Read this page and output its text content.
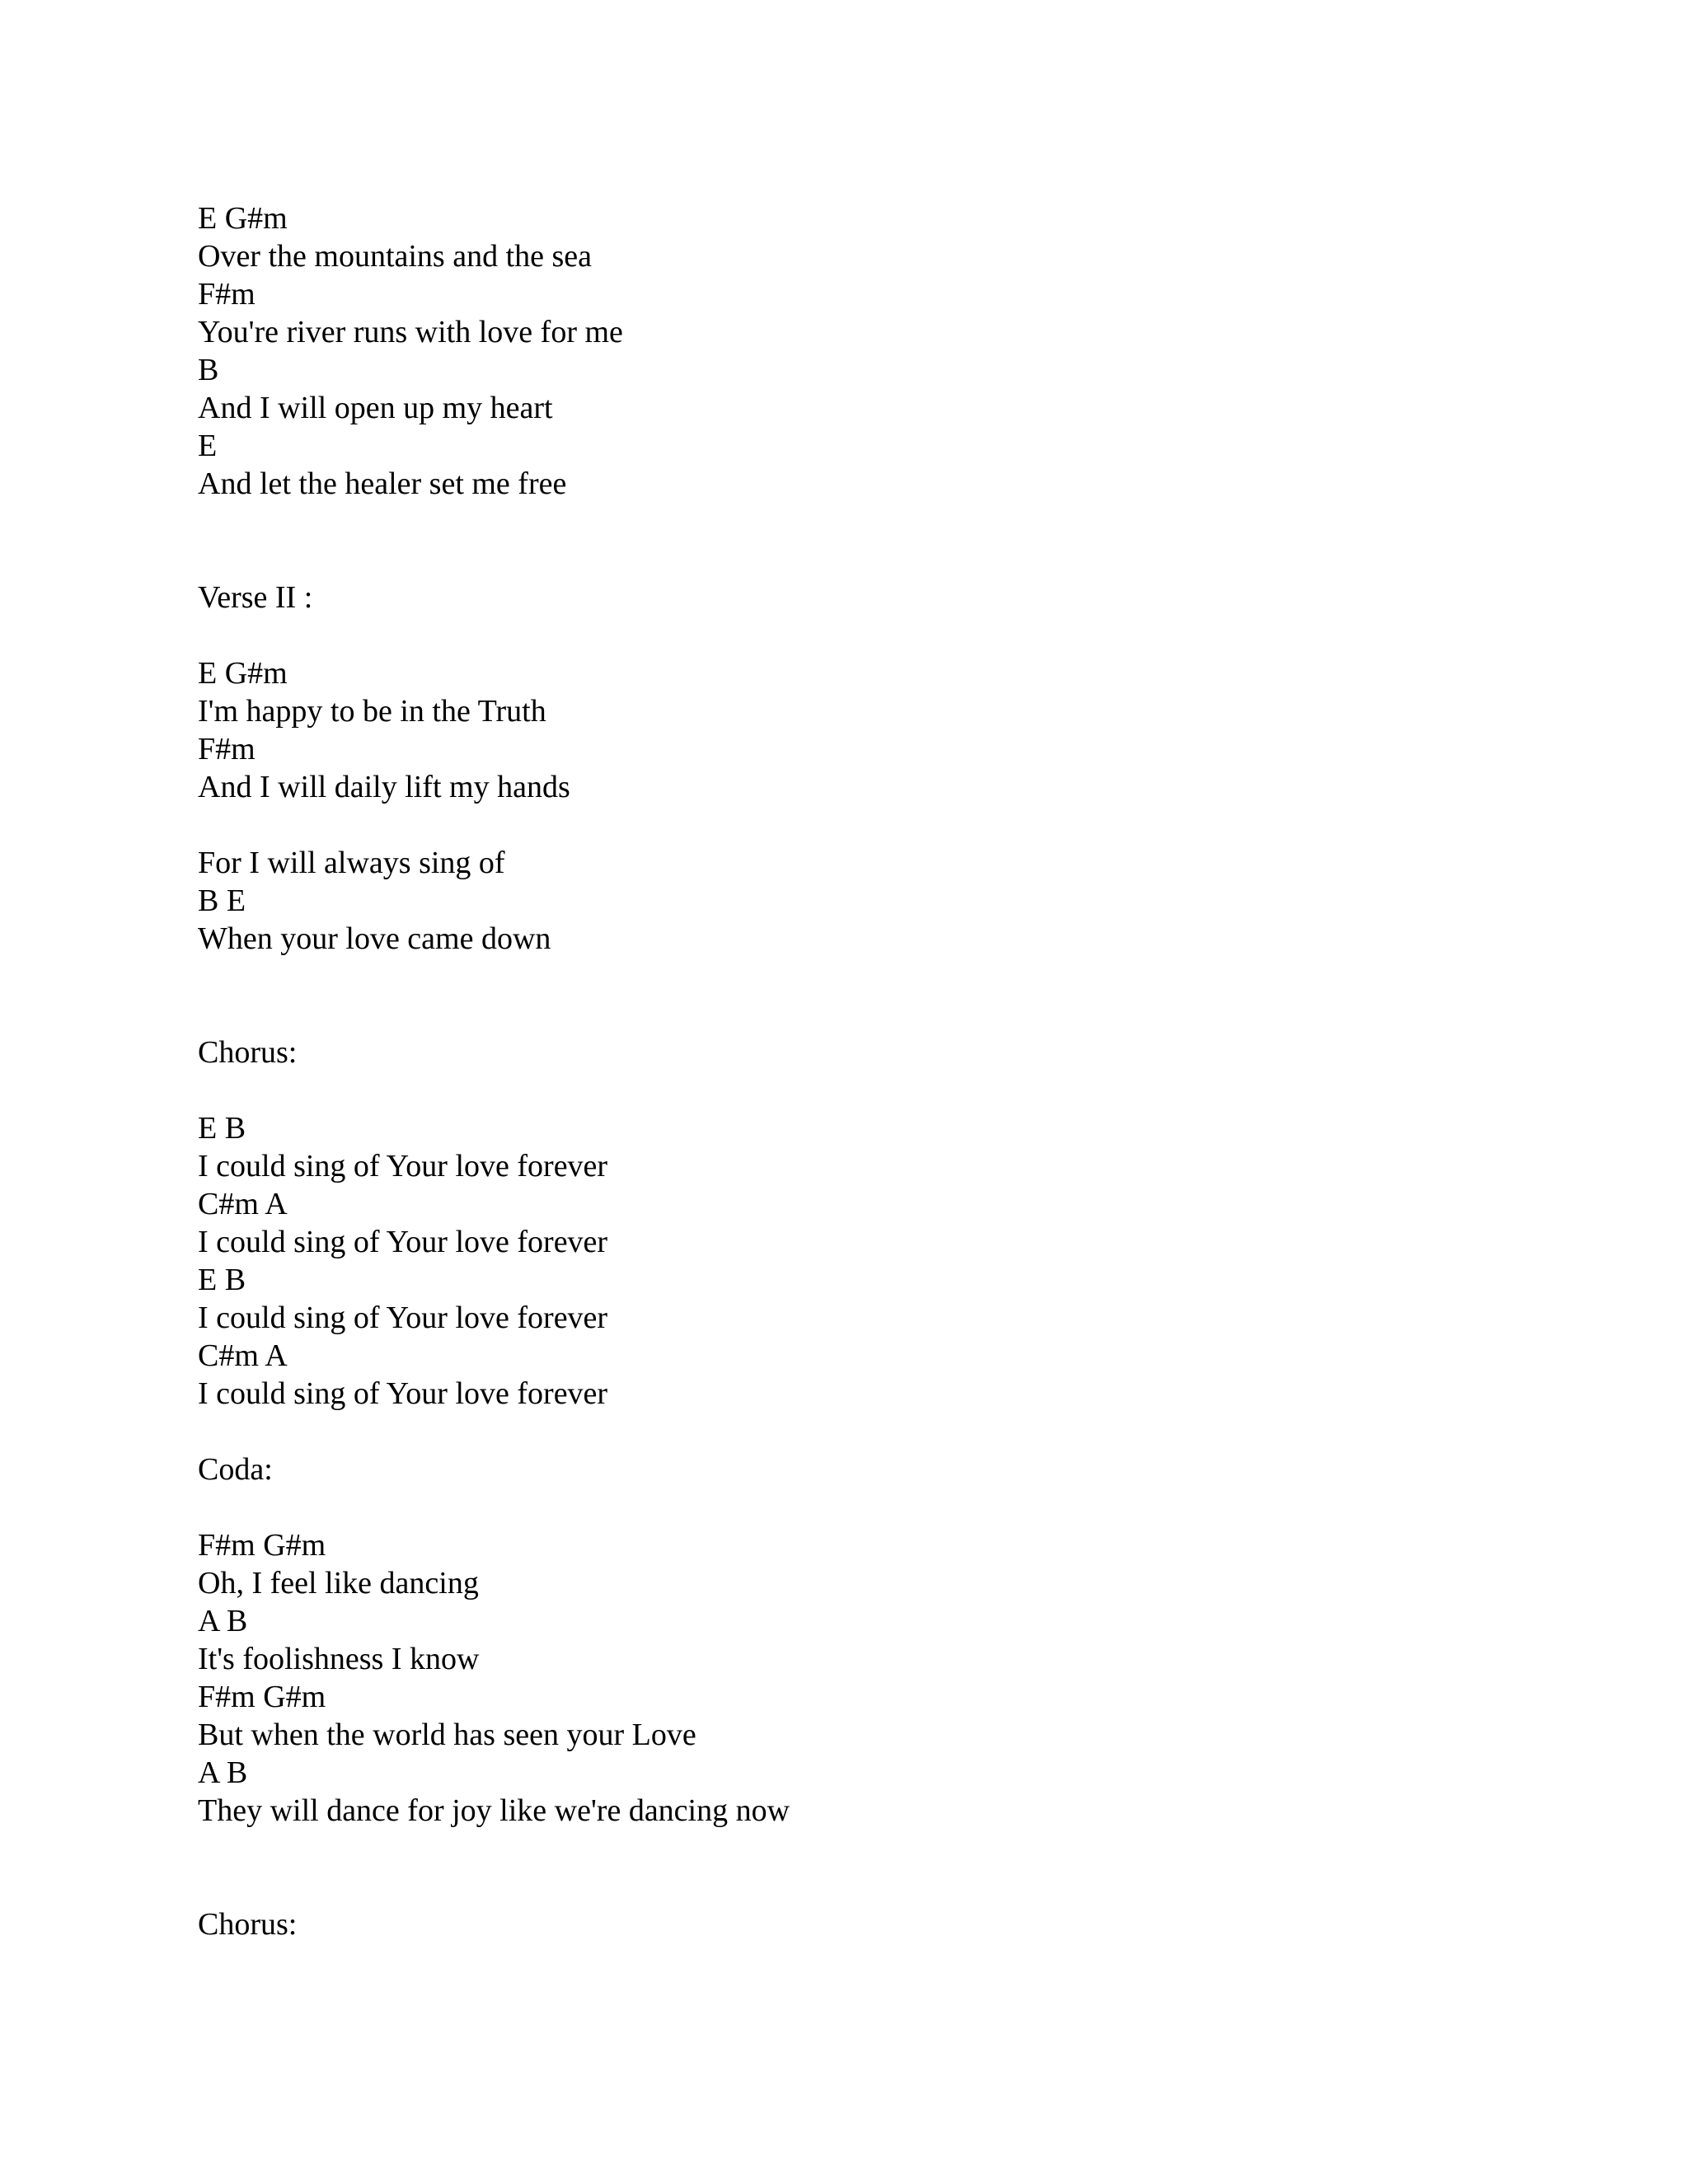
E G#m
Over the mountains and the sea
F#m
You're river runs with love for me
B
And I will open up my heart
E
And let the healer set me free
Verse II :
E G#m
I'm happy to be in the Truth
F#m
And I will daily lift my hands
For I will always sing of
B E
When your love came down
Chorus:
E B
I could sing of Your love forever
C#m A
I could sing of Your love forever
E B
I could sing of Your love forever
C#m A
I could sing of Your love forever
Coda:
F#m G#m
Oh, I feel like dancing
A B
It's foolishness I know
F#m G#m
But when the world has seen your Love
A B
They will dance for joy like we're dancing now
Chorus:
